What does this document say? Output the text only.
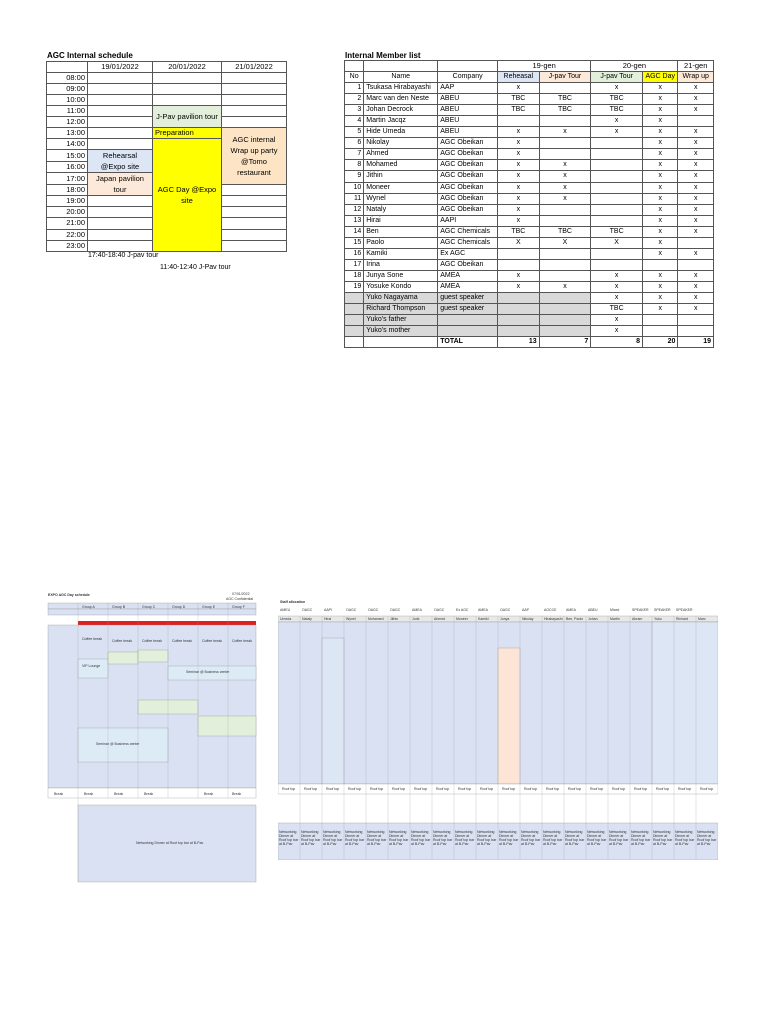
AGC Internal schedule
	19/01/2022	20/01/2022	21/01/2022
08:00			
09:00			
10:00			
11:00		J-Pav pavilion tour	
12:00			
13:00		Preparation	AGC internal Wrap up party @Tomo restaurant
14:00		AGC Day @Expo site	
15:00	Rehearsal @Expo site		
16:00			
17:00	Japan pavilion tour		
18:00			
19:00			
20:00			
21:00			
22:00			
23:00			
17:40-18:40 J-pav tour
11:40-12:40 J-Pav tour
Internal Member list
			19-gen		20-gen		21-gen
No	Name	Company	Reheasal	J-pav Tour	J-pav Tour	AGC Day	Wrap up
1	Tsukasa Hirabayashi	AAP	x		x	x	x
2	Marc van den Neste	ABEU	TBC	TBC	TBC	x	x
3	Johan Decrock	ABEU	TBC	TBC	TBC	x	x
4	Martin Jacqz	ABEU			x	x	
5	Hide Umeda	ABEU	x	x	x	x	x
6	Nikolay	AGC Obeikan	x			x	x
7	Ahmed	AGC Obeikan	x			x	x
8	Mohamed	AGC Obeikan	x	x		x	x
9	Jithin	AGC Obeikan	x	x		x	x
10	Moneer	AGC Obeikan	x	x		x	x
11	Wynel	AGC Obeikan	x	x		x	x
12	Nataly	AGC Obeikan	x			x	x
13	Hirai	AAPI	x			x	x
14	Ben	AGC Chemicals	TBC	TBC	TBC	x	x
15	Paolo	AGC Chemicals	X	X	X	x	
16	Kamiki	Ex AGC				x	x
17	Irina	AGC Obeikan					
18	Junya Sone	AMEA	x		x	x	x
19	Yosuke Kondo	AMEA	x	x	x	x	x
	Yuko Nagayama	guest speaker			x	x	x
	Richard Thompson	guest speaker			TBC	x	x
	Yuko's father				x		
	Yuko's mother				x		
		TOTAL	13	7	8	20	19
EXPO AGC Day schedule	07/01/2022
AGC Confidential
Group A	Group B	Group C	Group D	Group E	Group F
Coffee break	Coffee break	Coffee break	Coffee break	Coffee break	Coffee break
VIP Lounge
Seminar @ Business center
Seminar @ Business center
Break	Break	Break	Break	Break	Break
Networking Dinner at Roof top bar at B-Pav
Staff allocation
AMEU	OAGC	AAPI	OAGC	OAGC	OAGC	AMEA	OAGC	Ex AGC	AMEA	OAGC	AAP	AGCCE	AMEA	ABEU	Mixed	SPEAKER SPEAKER SPEAKER
Umeda	Nataly	Hirai	Wynel	Mohamed Jithin	Junk	Ahmed	Moneer	Kamiki	Junya	Nikolay	Hirabayashi Ben, Paolo Johan	Martin	Abram	Yuko	Richard	Marc
Roof top	Roof top	Roof top	Roof top	Roof top	Roof top	Roof top	Roof top	Roof top	Roof top	Roof top	Roof top	Roof top	Roof top	Roof top	Roof top	Roof top	Roof top	Roof top	Roof top
Networking Dinner at Roof top bar at B-Pav
Networking Dinner at Roof top bar at B-Pav
Networking Dinner at Roof top bar at B-Pav
Networking Dinner at Roof top bar at B-Pav
Networking Dinner at Roof top bar at B-Pav
Networking Dinner at Roof top bar at B-Pav
Networking Dinner at Roof top bar at B-Pav
Networking Dinner at Roof top bar at B-Pav
Networking Dinner at Roof top bar at B-Pav
Networking Dinner at Roof top bar at B-Pav
Networking Dinner at Roof top bar at B-Pav
Networking Dinner at Roof top bar at B-Pav
Networking Dinner at Roof top bar at B-Pav
Networking Dinner at Roof top bar at B-Pav
Networking Dinner at Roof top bar at B-Pav
Networking Dinner at Roof top bar at B-Pav
Networking Dinner at Roof top bar at B-Pav
Networking Dinner at Roof top bar at B-Pav
Networking Dinner at Roof top bar at B-Pav
Networking Dinner at Roof top bar at B-Pav
